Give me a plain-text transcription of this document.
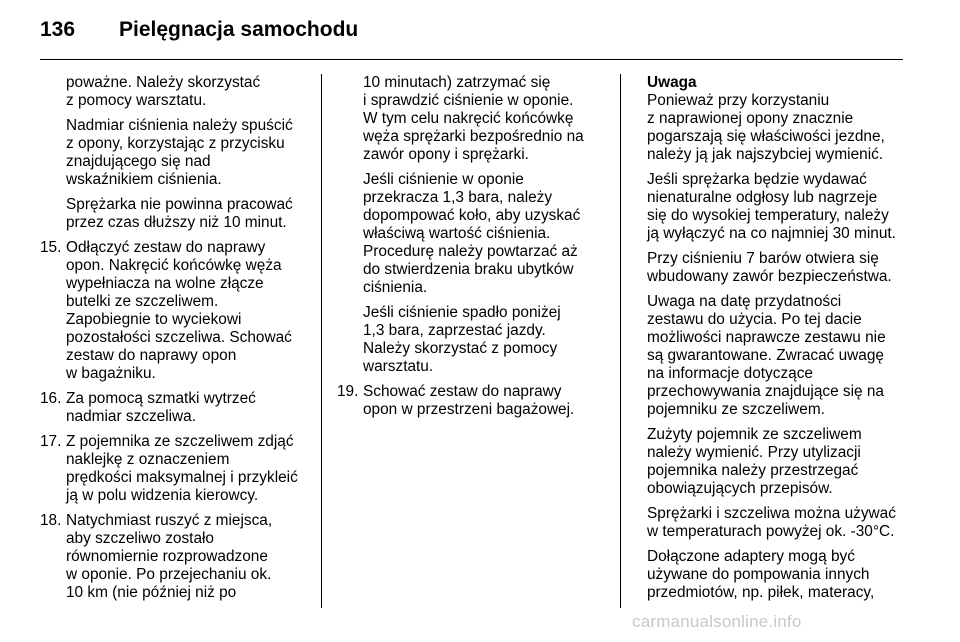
136	Pielęgnacja samochodu

poważne. Należy skorzystać
z pomocy warsztatu.

Nadmiar ciśnienia należy spuścić
z opony, korzystając z przycisku
znajdującego się nad
wskaźnikiem ciśnienia.

Sprężarka nie powinna pracować
przez czas dłuższy niż 10 minut.

15. Odłączyć zestaw do naprawy
opon. Nakręcić końcówkę węża
wypełniacza na wolne złącze
butelki ze szczeliwem.
Zapobiegnie to wyciekowi
pozostałości szczeliwa. Schować
zestaw do naprawy opon
w bagażniku.
16. Za pomocą szmatki wytrzeć
nadmiar szczeliwa.
17. Z pojemnika ze szczeliwem zdjąć
naklejkę z oznaczeniem
prędkości maksymalnej i przykleić
ją w polu widzenia kierowcy.
18. Natychmiast ruszyć z miejsca,
aby szczeliwo zostało
równomiernie rozprowadzone
w oponie. Po przejechaniu ok.
10 km (nie później niż po

10 minutach) zatrzymać się
i sprawdzić ciśnienie w oponie.
W tym celu nakręcić końcówkę
węża sprężarki bezpośrednio na
zawór opony i sprężarki.

Jeśli ciśnienie w oponie
przekracza 1,3 bara, należy
dopompować koło, aby uzyskać
właściwą wartość ciśnienia.
Procedurę należy powtarzać aż
do stwierdzenia braku ubytków
ciśnienia.

Jeśli ciśnienie spadło poniżej
1,3 bara, zaprzestać jazdy.
Należy skorzystać z pomocy
warsztatu.

19. Schować zestaw do naprawy
opon w przestrzeni bagażowej.
Uwaga

Ponieważ przy korzystaniu
z naprawionej opony znacznie
pogarszają się właściwości jezdne,
należy ją jak najszybciej wymienić.

Jeśli sprężarka będzie wydawać
nienaturalne odgłosy lub nagrzeje
się do wysokiej temperatury, należy
ją wyłączyć na co najmniej 30 minut.

Przy ciśnieniu 7 barów otwiera się
wbudowany zawór bezpieczeństwa.

Uwaga na datę przydatności
zestawu do użycia. Po tej dacie
możliwości naprawcze zestawu nie
są gwarantowane. Zwracać uwagę
na informacje dotyczące
przechowywania znajdujące się na
pojemniku ze szczeliwem.

Zużyty pojemnik ze szczeliwem
należy wymienić. Przy utylizacji
pojemnika należy przestrzegać
obowiązujących przepisów.

Sprężarki i szczeliwa można używać
w temperaturach powyżej ok. -30°C.

Dołączone adaptery mogą być
używane do pompowania innych
przedmiotów, np. piłek, materacy,

carmanualsonline.info
